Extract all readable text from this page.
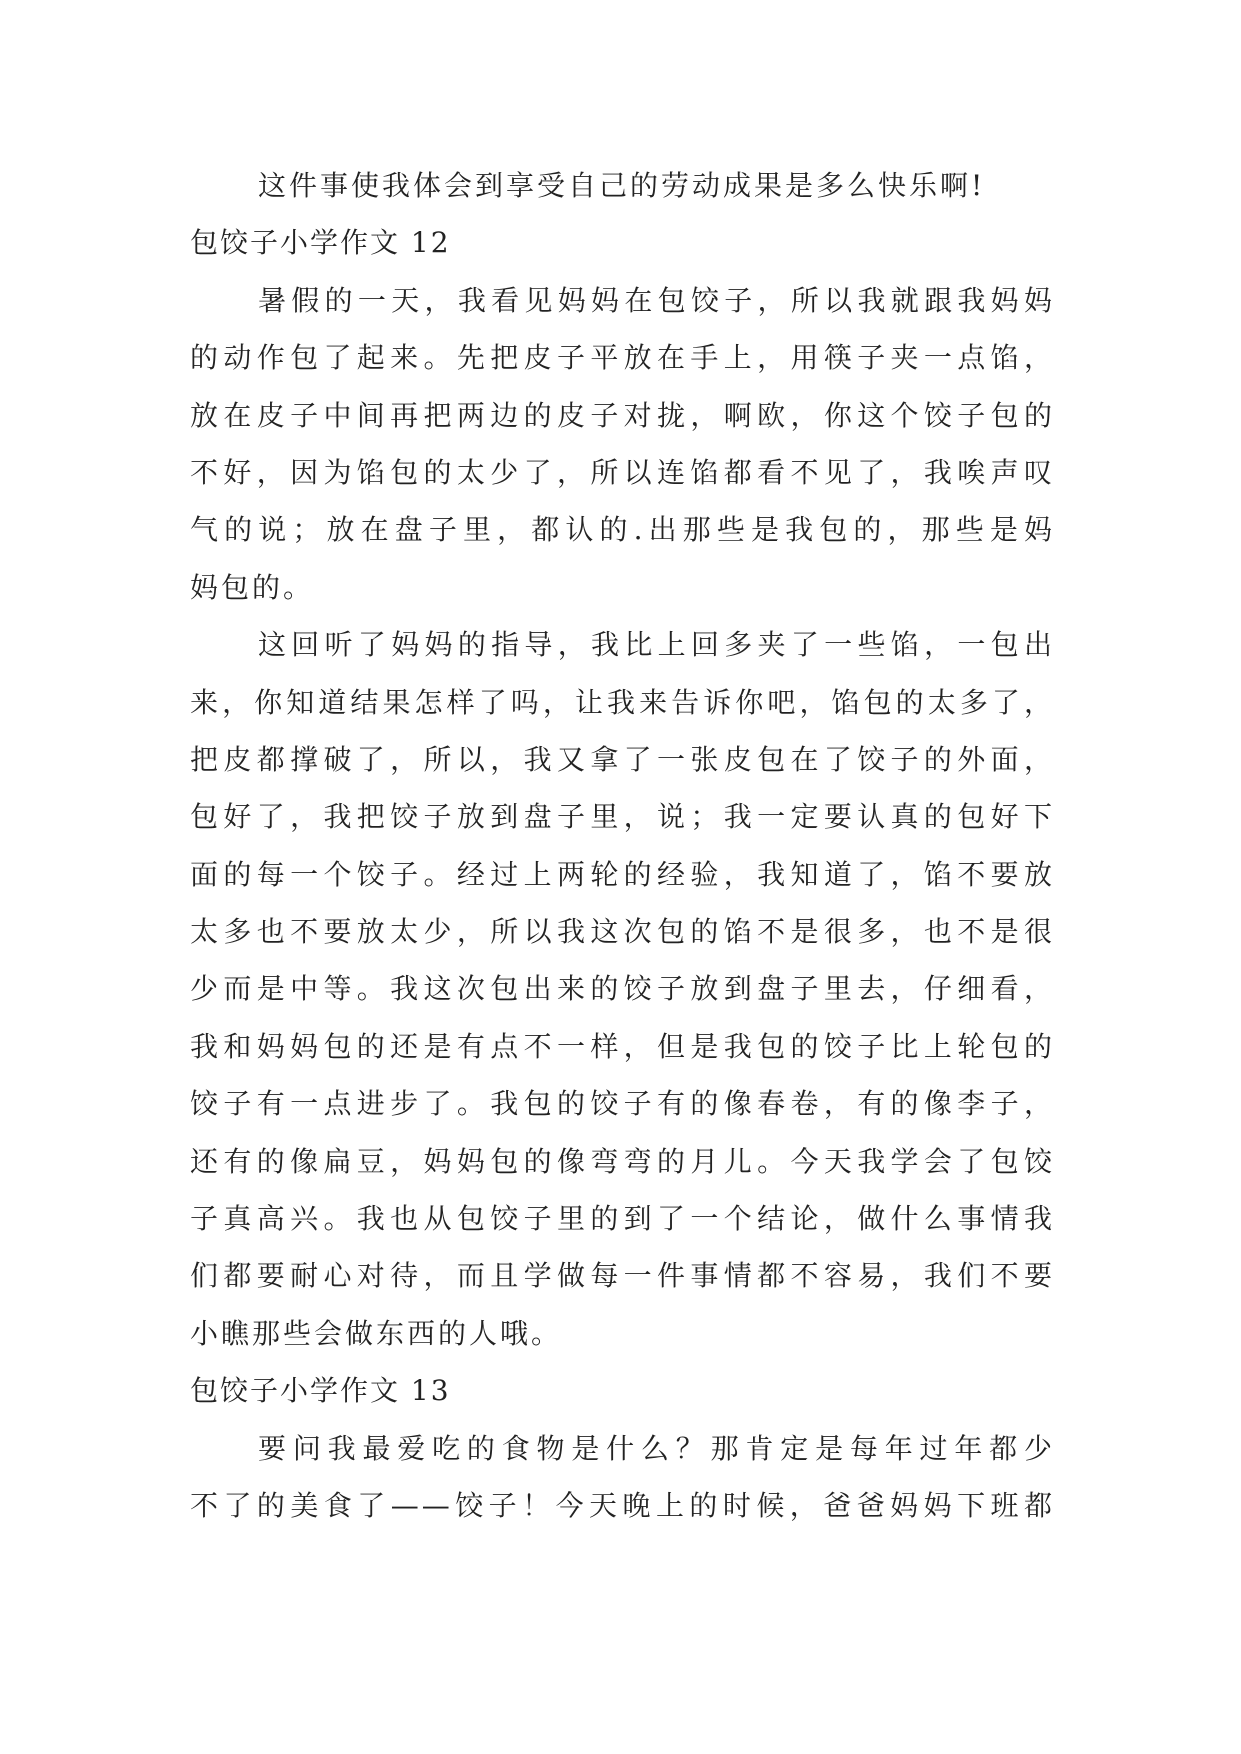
这件事使我体会到享受自己的劳动成果是多么快乐啊!
包饺子小学作文 12
暑假的一天，我看见妈妈在包饺子，所以我就跟我妈妈
的动作包了起来。先把皮子平放在手上，用筷子夹一点馅，
放在皮子中间再把两边的皮子对拢，啊欧，你这个饺子包的
不好，因为馅包的太少了，所以连馅都看不见了，我唉声叹
气的说；放在盘子里，都认的.出那些是我包的，那些是妈
妈包的。
这回听了妈妈的指导，我比上回多夹了一些馅，一包出
来，你知道结果怎样了吗，让我来告诉你吧，馅包的太多了，
把皮都撑破了，所以，我又拿了一张皮包在了饺子的外面，
包好了，我把饺子放到盘子里，说；我一定要认真的包好下
面的每一个饺子。经过上两轮的经验，我知道了，馅不要放
太多也不要放太少，所以我这次包的馅不是很多，也不是很
少而是中等。我这次包出来的饺子放到盘子里去，仔细看，
我和妈妈包的还是有点不一样，但是我包的饺子比上轮包的
饺子有一点进步了。我包的饺子有的像春卷，有的像李子，
还有的像扁豆，妈妈包的像弯弯的月儿。今天我学会了包饺
子真高兴。我也从包饺子里的到了一个结论，做什么事情我
们都要耐心对待，而且学做每一件事情都不容易，我们不要
小瞧那些会做东西的人哦。
包饺子小学作文 13
要问我最爱吃的食物是什么？那肯定是每年过年都少
不了的美食了——饺子！今天晚上的时候，爸爸妈妈下班都
